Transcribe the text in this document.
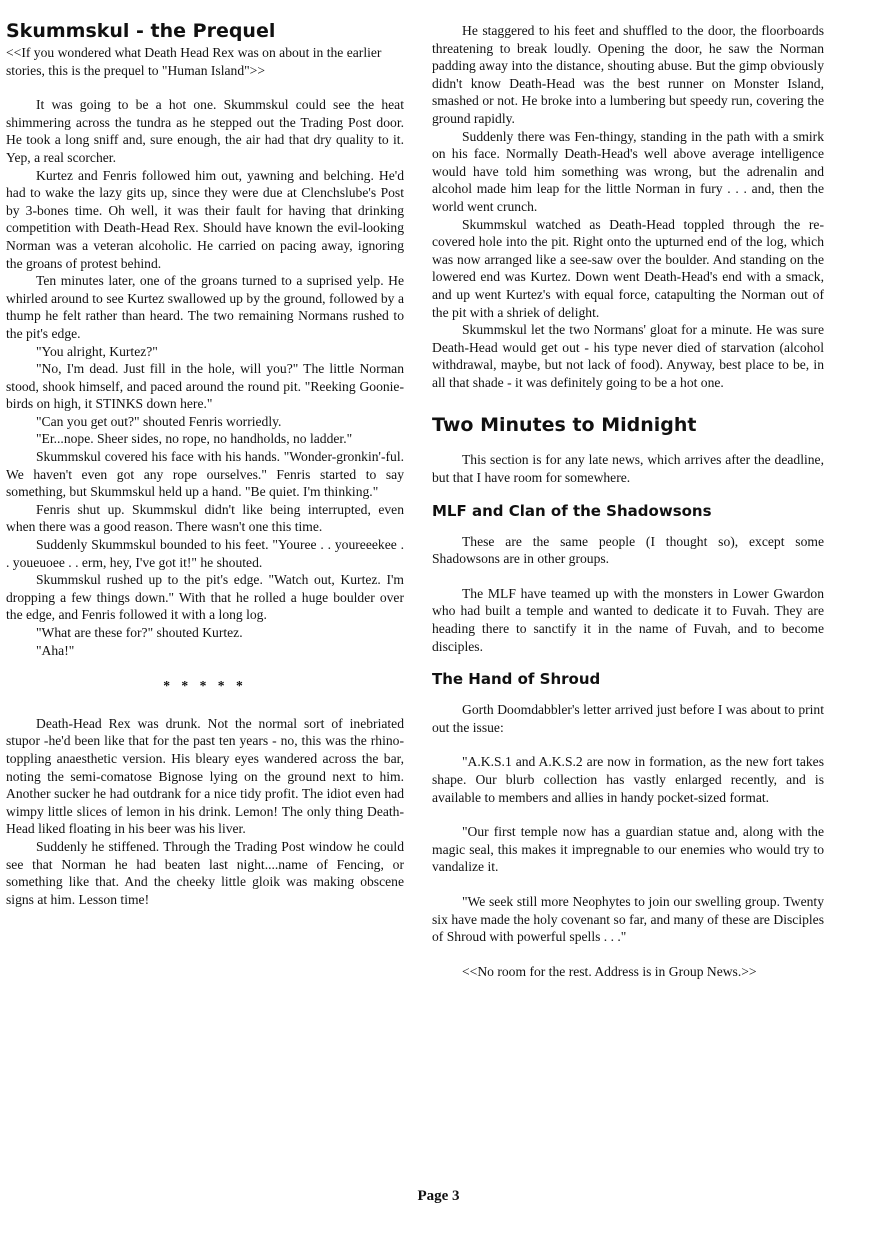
Skummskul - the Prequel

<<If you wondered what Death Head Rex was on about in the earlier stories, this is the prequel to "Human Island">>

It was going to be a hot one. Skummskul could see the heat shimmering across the tundra as he stepped out the Trading Post door. He took a long sniff and, sure enough, the air had that dry quality to it. Yep, a real scorcher.

Kurtez and Fenris followed him out, yawning and belching. He'd had to wake the lazy gits up, since they were due at Clenchslube's Post by 3-bones time. Oh well, it was their fault for having that drinking competition with Death-Head Rex. Should have known the evil-looking Norman was a veteran alcoholic. He carried on pacing away, ignoring the groans of protest behind.

Ten minutes later, one of the groans turned to a suprised yelp. He whirled around to see Kurtez swallowed up by the ground, followed by a thump he felt rather than heard. The two remaining Normans rushed to the pit's edge.

"You alright, Kurtez?"

"No, I'm dead. Just fill in the hole, will you?" The little Norman stood, shook himself, and paced around the round pit. "Reeking Goonie-birds on high, it STINKS down here."

"Can you get out?" shouted Fenris worriedly.

"Er...nope. Sheer sides, no rope, no handholds, no ladder."

Skummskul covered his face with his hands. "Wonder-gronkin'-ful. We haven't even got any rope ourselves." Fenris started to say something, but Skummskul held up a hand. "Be quiet. I'm thinking."

Fenris shut up. Skummskul didn't like being interrupted, even when there was a good reason. There wasn't one this time.

Suddenly Skummskul bounded to his feet. "Youree . . youreeekee . . youeuoee . . erm, hey, I've got it!" he shouted.

Skummskul rushed up to the pit's edge. "Watch out, Kurtez. I'm dropping a few things down." With that he rolled a huge boulder over the edge, and Fenris followed it with a long log.

"What are these for?" shouted Kurtez.

"Aha!"

* * * * *

Death-Head Rex was drunk. Not the normal sort of inebriated stupor -he'd been like that for the past ten years - no, this was the rhino-toppling anaesthetic version. His bleary eyes wandered across the bar, noting the semi-comatose Bignose lying on the ground next to him. Another sucker he had outdrank for a nice tidy profit. The idiot even had wimpy little slices of lemon in his drink. Lemon! The only thing Death-Head liked floating in his beer was his liver.

Suddenly he stiffened. Through the Trading Post window he could see that Norman he had beaten last night....name of Fencing, or something like that. And the cheeky little gloik was making obscene signs at him. Lesson time!

He staggered to his feet and shuffled to the door, the floorboards threatening to break loudly. Opening the door, he saw the Norman padding away into the distance, shouting abuse. But the gimp obviously didn't know Death-Head was the best runner on Monster Island, smashed or not. He broke into a lumbering but speedy run, covering the ground rapidly.

Suddenly there was Fen-thingy, standing in the path with a smirk on his face. Normally Death-Head's well above average intelligence would have told him something was wrong, but the adrenalin and alcohol made him leap for the little Norman in fury . . . and, then the world went crunch.

Skummskul watched as Death-Head toppled through the re-covered hole into the pit. Right onto the upturned end of the log, which was now arranged like a see-saw over the boulder. And standing on the lowered end was Kurtez. Down went Death-Head's end with a smack, and up went Kurtez's with equal force, catapulting the Norman out of the pit with a shriek of delight.

Skummskul let the two Normans' gloat for a minute. He was sure Death-Head would get out - his type never died of starvation (alcohol withdrawal, maybe, but not lack of food). Anyway, best place to be, in all that shade - it was definitely going to be a hot one.

Two Minutes to Midnight

This section is for any late news, which arrives after the deadline, but that I have room for somewhere.

MLF and Clan of the Shadowsons

These are the same people (I thought so), except some Shadowsons are in other groups.

The MLF have teamed up with the monsters in Lower Gwardon who had built a temple and wanted to dedicate it to Fuvah. They are heading there to sanctify it in the name of Fuvah, and to become disciples.

The Hand of Shroud

Gorth Doomdabbler's letter arrived just before I was about to print out the issue:

"A.K.S.1 and A.K.S.2 are now in formation, as the new fort takes shape. Our blurb collection has vastly enlarged recently, and is available to members and allies in handy pocket-sized format.

"Our first temple now has a guardian statue and, along with the magic seal, this makes it impregnable to our enemies who would try to vandalize it.

"We seek still more Neophytes to join our swelling group. Twenty six have made the holy covenant so far, and many of these are Disciples of Shroud with powerful spells . . ."

<<No room for the rest. Address is in Group News.>>

Page 3
